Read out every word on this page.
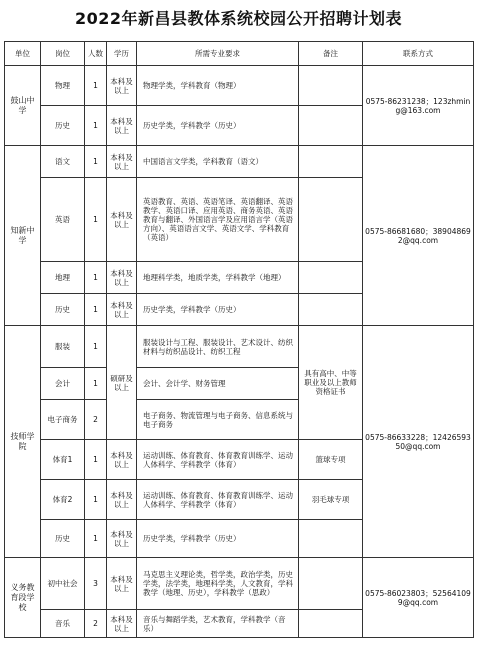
2022年新昌县教体系统校园公开招聘计划表
单位	岗位	人数	学历	所需专业要求	备注	联系方式
鼓山中学	物理	1	本科及以上	物理学类，学科教育（物理）		0575-86231238；123zhming@163.com
	历史	1	本科及以上	历史学类，学科教学（历史）		
知新中学	语文	1	本科及以上	中国语言文学类，学科教育（语文）		0575-86681680；389048692@qq.com
	英语	1	本科及以上	英语教育、英语、英语笔译、英语翻译、英语教学、英语口译、应用英语、商务英语、英语教育与翻译、外国语言学及应用语言学（英语方向）、英语语言文学、英语文学、学科教育（英语）		
	地理	1	本科及以上	地理科学类，地质学类，学科教学（地理）		
	历史	1	本科及以上	历史学类，学科教学（历史）		
技师学院	服装	1	硕研及以上	服装设计与工程、服装设计、艺术设计、纺织材料与纺织品设计、纺织工程	具有高中、中等职业及以上教师资格证书	0575-86633228；1242659350@qq.com
	会计	1		会计、会计学、财务管理		
	电子商务	2		电子商务、物流管理与电子商务、信息系统与电子商务		
	体育1	1	本科及以上	运动训练、体育教育、体育教育训练学、运动人体科学、学科教学（体育）	篮球专项	
	体育2	1	本科及以上	运动训练、体育教育、体育教育训练学、运动人体科学、学科教学（体育）	羽毛球专项	
	历史	1	本科及以上	历史学类，学科教学（历史）		
义务教育段学校	初中社会	3	本科及以上	马克思主义理论类，哲学类，政治学类，历史学类，法学类，地理科学类，人文教育，学科教学（地理、历史），学科教学（思政）		0575-86023803；525641099@qq.com
	音乐	2	本科及以上	音乐与舞蹈学类，艺术教育，学科教学（音乐）		
